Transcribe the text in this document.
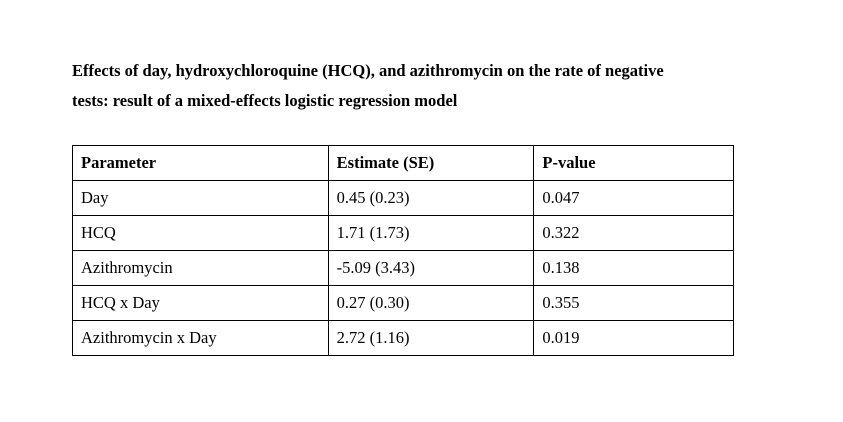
Effects of day, hydroxychloroquine (HCQ), and azithromycin on the rate of negative
tests: result of a mixed-effects logistic regression model

Parameter	Estimate (SE)	P-value
Day	0.45 (0.23)	0.047
HCQ	1.71 (1.73)	0.322
Azithromycin	-5.09 (3.43)	0.138
HCQ x Day	0.27 (0.30)	0.355
Azithromycin x Day	2.72 (1.16)	0.019
